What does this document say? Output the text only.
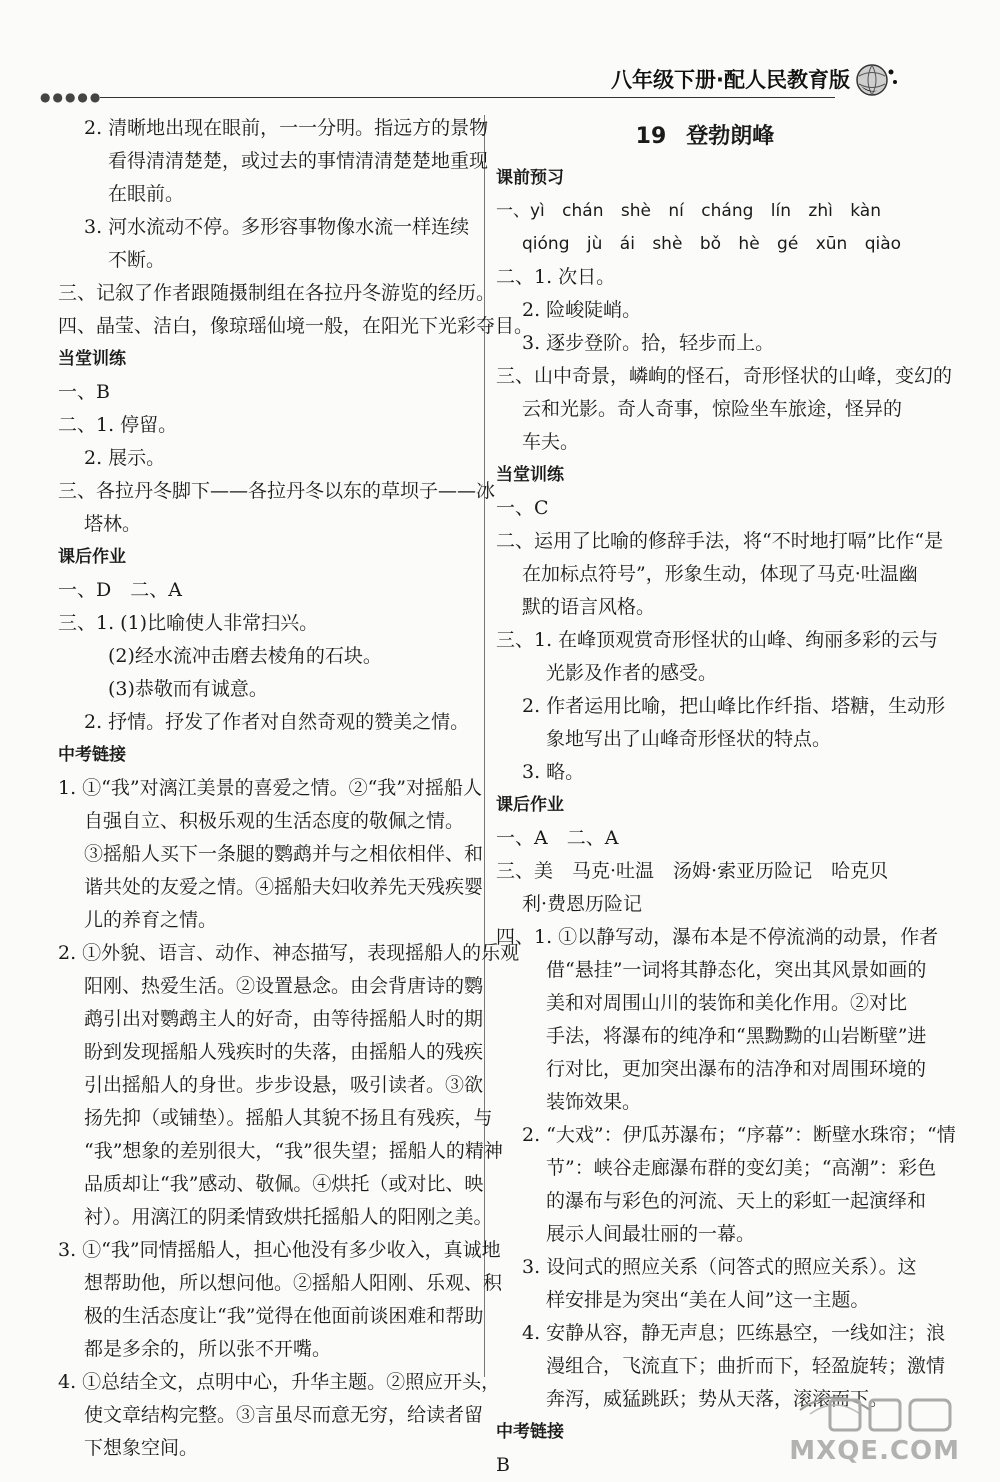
●●●●●
八年级下册·配人民教育版
2. 清晰地出现在眼前，一一分明。指远方的景物
看得清清楚楚，或过去的事情清清楚楚地重现
在眼前。
3. 河水流动不停。多形容事物像水流一样连续
不断。
三、记叙了作者跟随摄制组在各拉丹冬游览的经历。
四、晶莹、洁白，像琼瑶仙境一般，在阳光下光彩夺目。
当堂训练
一、B
二、1. 停留。
2. 展示。
三、各拉丹冬脚下——各拉丹冬以东的草坝子——冰
塔林。
课后作业
一、D　二、A
三、1. (1)比喻使人非常扫兴。
(2)经水流冲击磨去棱角的石块。
(3)恭敬而有诚意。
2. 抒情。抒发了作者对自然奇观的赞美之情。
中考链接
1. ①“我”对漓江美景的喜爱之情。②“我”对摇船人
自强自立、积极乐观的生活态度的敬佩之情。
③摇船人买下一条腿的鹦鹉并与之相依相伴、和
谐共处的友爱之情。④摇船夫妇收养先天残疾婴
儿的养育之情。
2. ①外貌、语言、动作、神态描写，表现摇船人的乐观
阳刚、热爱生活。②设置悬念。由会背唐诗的鹦
鹉引出对鹦鹉主人的好奇，由等待摇船人时的期
盼到发现摇船人残疾时的失落，由摇船人的残疾
引出摇船人的身世。步步设悬，吸引读者。③欲
扬先抑（或铺垫）。摇船人其貌不扬且有残疾，与
“我”想象的差别很大，“我”很失望；摇船人的精神
品质却让“我”感动、敬佩。④烘托（或对比、映
衬）。用漓江的阴柔情致烘托摇船人的阳刚之美。
3. ①“我”同情摇船人，担心他没有多少收入，真诚地
想帮助他，所以想问他。②摇船人阳刚、乐观、积
极的生活态度让“我”觉得在他面前谈困难和帮助
都是多余的，所以张不开嘴。
4. ①总结全文，点明中心，升华主题。②照应开头，
使文章结构完整。③言虽尽而意无穷，给读者留
下想象空间。
19 登勃朗峰
课前预习
一、yì chán shè ní cháng lín zhì kàn
qióng jù ái shè bǒ hè gé xūn qiào
二、1. 次日。
2. 险峻陡峭。
3. 逐步登阶。拾，轻步而上。
三、山中奇景，嶙峋的怪石，奇形怪状的山峰，变幻的
云和光影。奇人奇事，惊险坐车旅途，怪异的
车夫。
当堂训练
一、C
二、运用了比喻的修辞手法，将“不时地打嗝”比作“是
在加标点符号”，形象生动，体现了马克·吐温幽
默的语言风格。
三、1. 在峰顶观赏奇形怪状的山峰、绚丽多彩的云与
光影及作者的感受。
2. 作者运用比喻，把山峰比作纤指、塔糖，生动形
象地写出了山峰奇形怪状的特点。
3. 略。
课后作业
一、A　二、A
三、美　马克·吐温　汤姆·索亚历险记　哈克贝
利·费恩历险记
四、1. ①以静写动，瀑布本是不停流淌的动景，作者
借“悬挂”一词将其静态化，突出其风景如画的
美和对周围山川的装饰和美化作用。②对比
手法，将瀑布的纯净和“黑黝黝的山岩断壁”进
行对比，更加突出瀑布的洁净和对周围环境的
装饰效果。
2. “大戏”：伊瓜苏瀑布；“序幕”：断壁水珠帘；“情
节”：峡谷走廊瀑布群的变幻美；“高潮”：彩色
的瀑布与彩色的河流、天上的彩虹一起演绎和
展示人间最壮丽的一幕。
3. 设问式的照应关系（问答式的照应关系）。这
样安排是为突出“美在人间”这一主题。
4. 安静从容，静无声息；匹练悬空，一线如注；浪
漫组合，飞流直下；曲折而下，轻盈旋转；激情
奔泻，威猛跳跃；势从天落，滚滚而下。
中考链接
B	MXQE.COM
